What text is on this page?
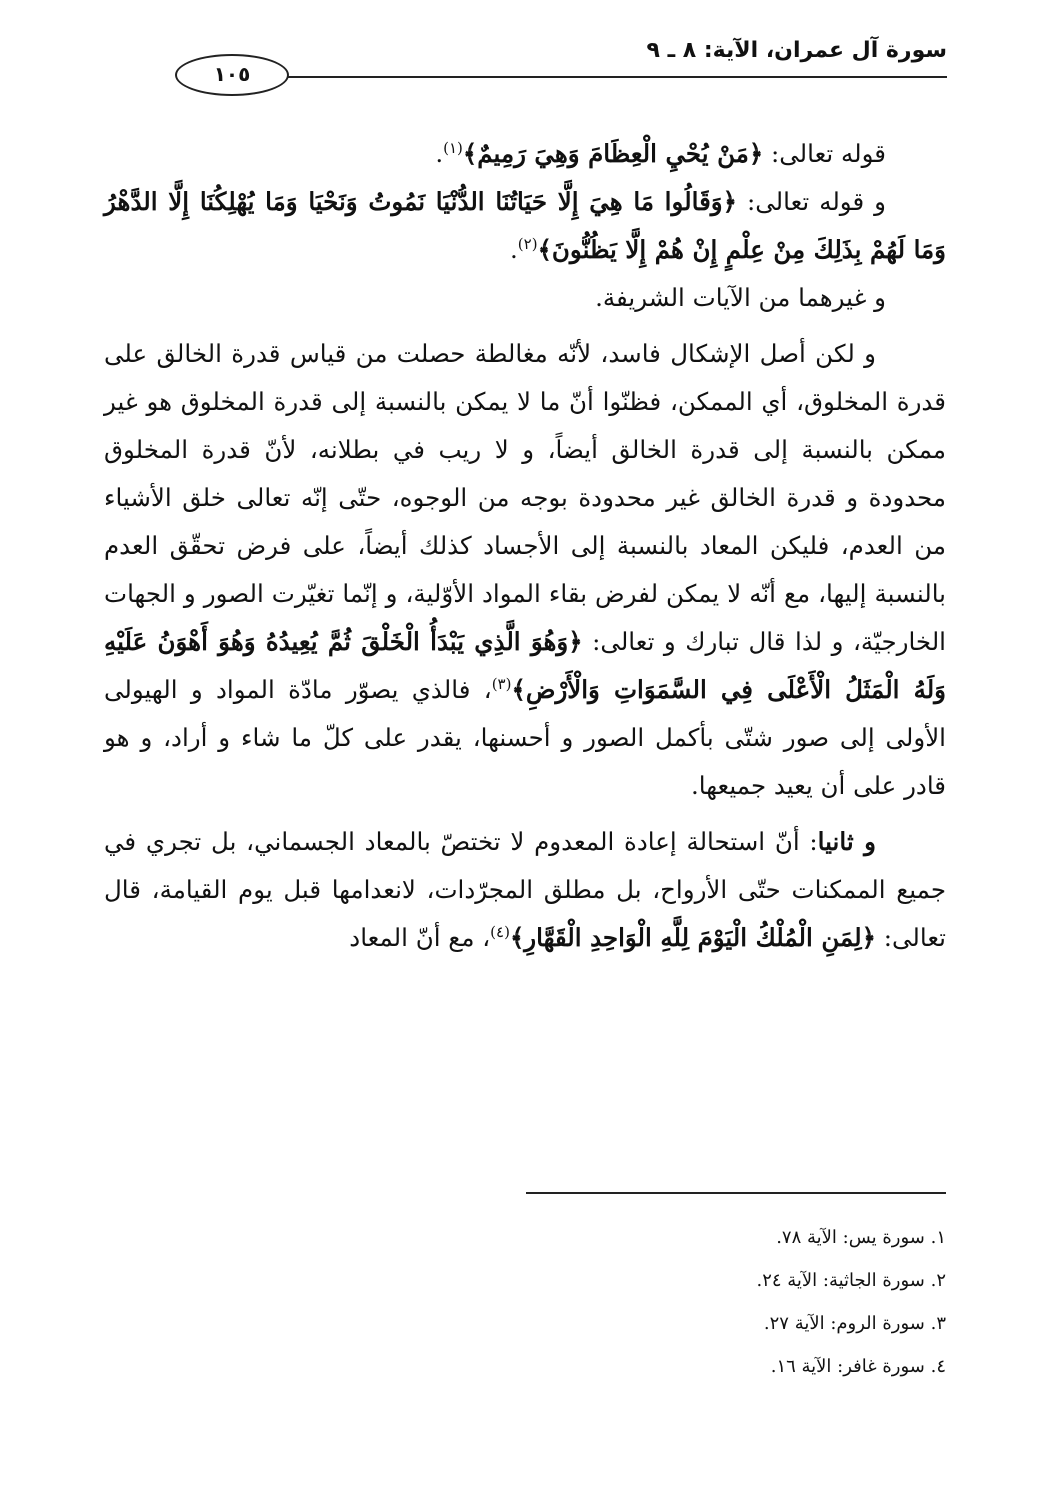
سورة آل عمران، الآية: ٨ ـ ٩
١٠٥

قوله تعالى: ﴿مَنْ يُحْيِ الْعِظَامَ وَهِيَ رَمِيمٌ﴾$^{(١)}$.

و قوله تعالى: ﴿وَقَالُوا مَا هِيَ إِلَّا حَيَاتُنَا الدُّنْيَا نَمُوتُ وَنَحْيَا وَمَا يُهْلِكُنَا إِلَّا الدَّهْرُ وَمَا لَهُمْ بِذَلِكَ مِنْ عِلْمٍ إِنْ هُمْ إِلَّا يَظُنُّونَ﴾$^{(٢)}$.

و غيرهما من الآيات الشريفة.

و لكن أصل الإشكال فاسد، لأنّه مغالطة حصلت من قياس قدرة الخالق على قدرة المخلوق، أي الممكن، فظنّوا أنّ ما لا يمكن بالنسبة إلى قدرة المخلوق هو غير ممكن بالنسبة إلى قدرة الخالق أيضاً، و لا ريب في بطلانه، لأنّ قدرة المخلوق محدودة و قدرة الخالق غير محدودة بوجه من الوجوه، حتّى إنّه تعالى خلق الأشياء من العدم، فليكن المعاد بالنسبة إلى الأجساد كذلك أيضاً، على فرض تحقّق العدم بالنسبة إليها، مع أنّه لا يمكن لفرض بقاء المواد الأوّلية، و إنّما تغيّرت الصور و الجهات الخارجيّة، و لذا قال تبارك و تعالى: ﴿وَهُوَ الَّذِي يَبْدَأُ الْخَلْقَ ثُمَّ يُعِيدُهُ وَهُوَ أَهْوَنُ عَلَيْهِ وَلَهُ الْمَثَلُ الْأَعْلَى فِي السَّمَوَاتِ وَالْأَرْضِ﴾$^{(٣)}$، فالذي يصوّر مادّة المواد و الهيولى الأولى إلى صور شتّى بأكمل الصور و أحسنها، يقدر على كلّ ما شاء و أراد، و هو قادر على أن يعيد جميعها.

و ثانيا: أنّ استحالة إعادة المعدوم لا تختصّ بالمعاد الجسماني، بل تجري في جميع الممكنات حتّى الأرواح، بل مطلق المجرّدات، لانعدامها قبل يوم القيامة، قال تعالى: ﴿لِمَنِ الْمُلْكُ الْيَوْمَ لِلَّهِ الْوَاحِدِ الْقَهَّارِ﴾$^{(٤)}$، مع أنّ المعاد

١. سورة يس: الآية ٧٨.

٢. سورة الجاثية: الآية ٢٤.

٣. سورة الروم: الآية ٢٧.

٤. سورة غافر: الآية ١٦.
